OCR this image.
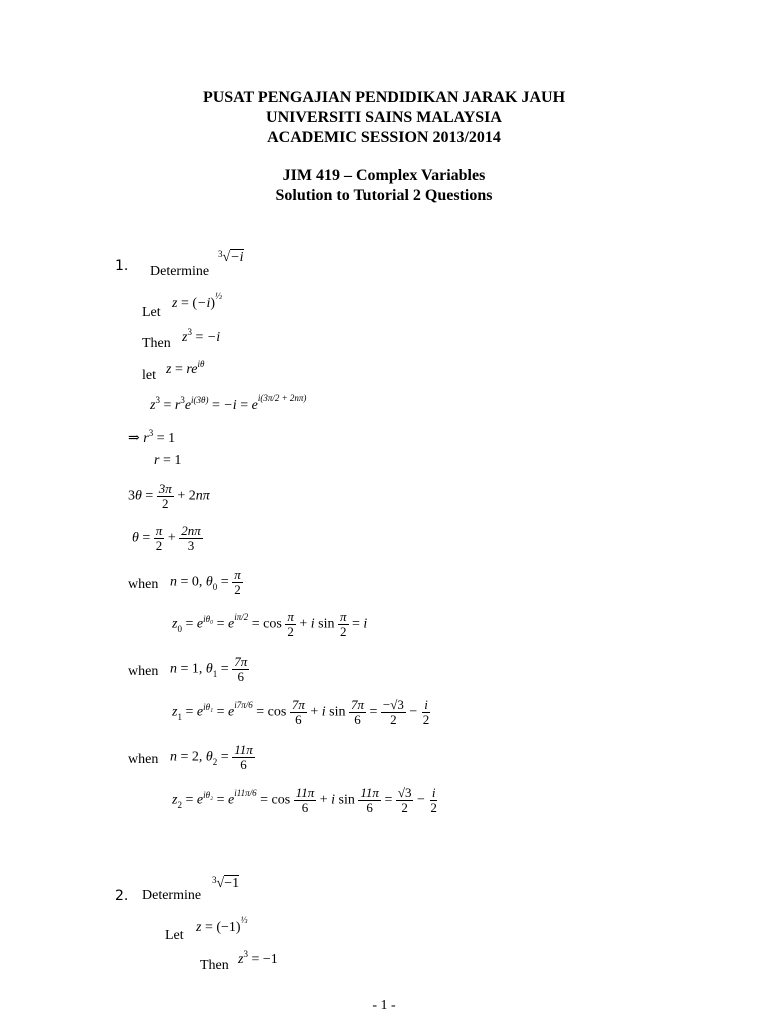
PUSAT PENGAJIAN PENDIDIKAN JARAK JAUH
UNIVERSITI SAINS MALAYSIA
ACADEMIC SESSION 2013/2014
JIM 419 – Complex Variables
Solution to Tutorial 2 Questions
1. Determine
$^3$√−i
Let
$z = (-i)^{\frac{1}{3}}$
Then $z^3 = -i$
let $z = re^{i\theta}$
$z^3 = r^3e^{i(3\theta)} = -i = e^{i(3\pi/2 + 2n\pi)}$
⇒ $r^3 = 1$
r = 1
$3\theta = \frac{3\pi}{2} + 2n\pi$
$\theta = \frac{\pi}{2} + \frac{2n\pi}{3}$
when n = 0, $\theta_0 = \frac{\pi}{2}$
$z_0 = e^{i\theta_0} = e^{i\pi/2} = \cos \frac{\pi}{2} + i$ $\sin \frac{\pi}{2} = i$
when n = 1, $\theta_1 = \frac{7\pi}{6}$
$z_1 = e^{i\theta_1} = e^{i7\pi/6} = \cos \frac{7\pi}{6} + i$ $\sin \frac{7\pi}{6} = \frac{-√3}{2} - \frac{i}{2}$
when n = 2, $\theta_2 = \frac{11\pi}{6}$
$z_2 = e^{i\theta_2} = e^{i11\pi/6} = \cos \frac{11\pi}{6} + i$ $\sin \frac{11\pi}{6} = \frac{√3}{2} - \frac{i}{2}$
2. Determine
$^3$√−1
Let
$z = (-1)^{\frac{1}{3}}$
Then $z^3 = -1$
- 1 -
